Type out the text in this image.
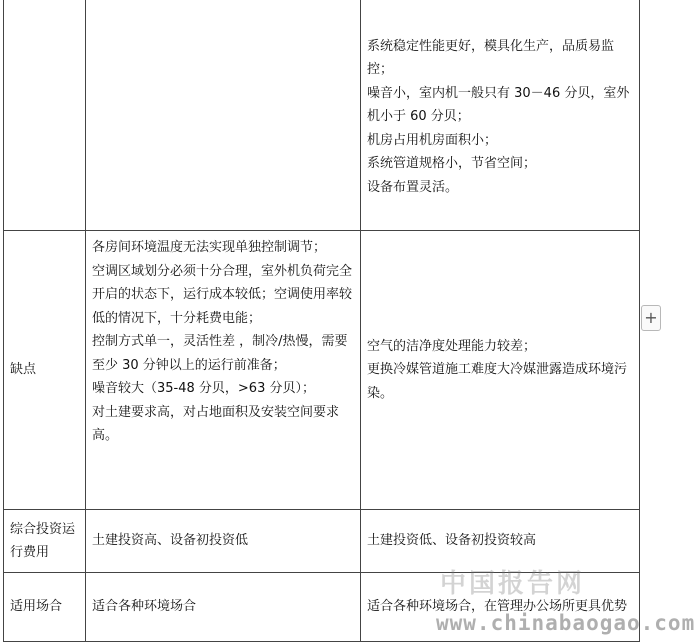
		系统稳定性能更好，模具化生产，品质易监控；
噪音小，室内机一般只有 30－46 分贝，室外机小于 60 分贝；
机房占用机房面积小；
系统管道规格小，节省空间；
设备布置灵活。

缺点	各房间环境温度无法实现单独控制调节；
空调区域划分必须十分合理，室外机负荷完全开启的状态下，运行成本较低；空调使用率较低的情况下，十分耗费电能；
控制方式单一，灵活性差 ，制冷/热慢，需要至少 30 分钟以上的运行前准备；
噪音较大（35-48 分贝，>63 分贝）；
对土建要求高，对占地面积及安装空间要求高。	空气的洁净度处理能力较差；
更换冷媒管道施工难度大冷媒泄露造成环境污染。

综合投资运行费用	土建投资高、设备初投资低	土建投资低、设备初投资较高
适用场合	适合各种环境场合	适合各种环境场合，在管理办公场所更具优势
+
中国报告网
www.chinabaogao.com
